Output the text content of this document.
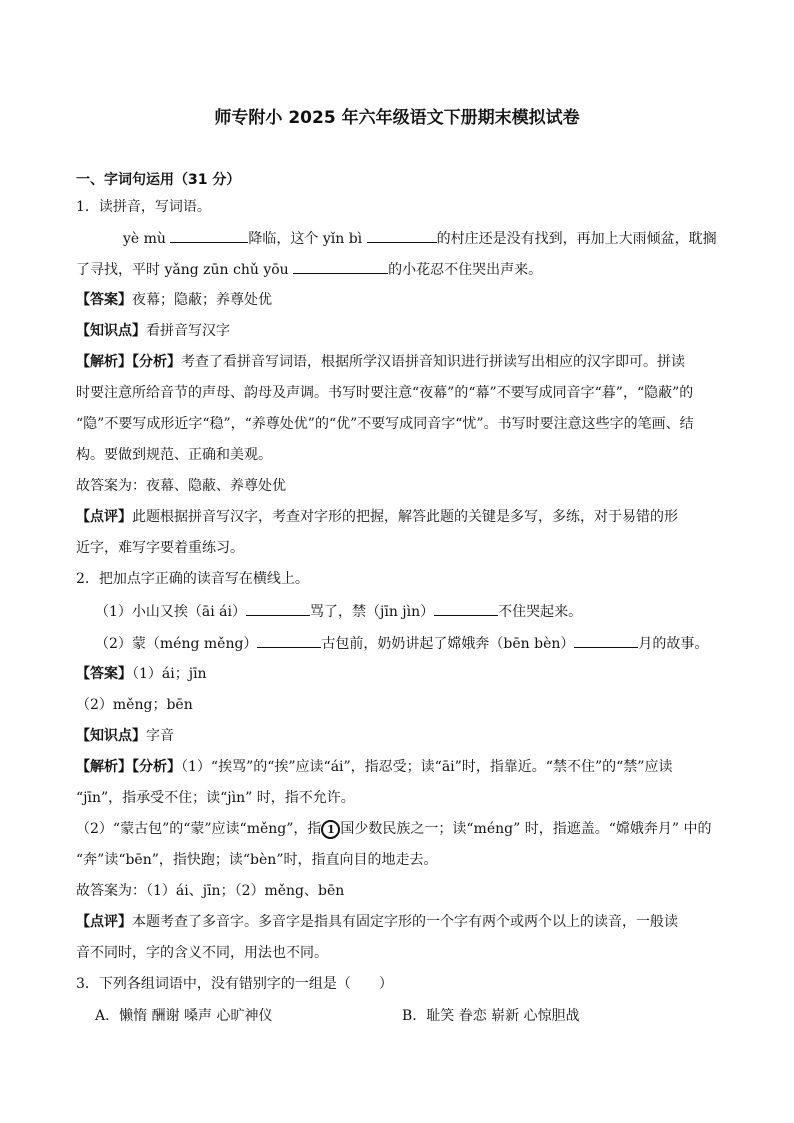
师专附小 2025 年六年级语文下册期末模拟试卷
一、字词句运用（31 分）
1．读拼音，写词语。
yè mù	降临，这个 yǐn bì	的村庄还是没有找到，再加上大雨倾盆，耽搁
了寻找，平时 yǎng zūn chǔ yōu	的小花忍不住哭出声来。
【答案】夜幕；隐蔽；养尊处优
【知识点】看拼音写汉字
【解析】【分析】考查了看拼音写词语，根据所学汉语拼音知识进行拼读写出相应的汉字即可。拼读
时要注意所给音节的声母、韵母及声调。书写时要注意“夜幕”的“幕”不要写成同音字“暮”，“隐蔽”的
“隐”不要写成形近字“稳”，“养尊处优”的“优”不要写成同音字“忧”。书写时要注意这些字的笔画、结
构。要做到规范、正确和美观。
故答案为：夜幕、隐蔽、养尊处优
【点评】此题根据拼音写汉字，考查对字形的把握，解答此题的关键是多写，多练，对于易错的形
近字，难写字要着重练习。
2．把加点字正确的读音写在横线上。
（1）小山又挨（āi ái）	骂了，禁（jīn jìn）	不住哭起来。
（2）蒙（méng měng）	古包前，奶奶讲起了嫦娥奔（bēn bèn）	月的故事。
【答案】（1）ái；jīn
（2）měng；bēn
【知识点】字音
【解析】【分析】（1）“挨骂”的“挨”应读“ái”，指忍受；读“āi”时，指靠近。“禁不住”的“禁”应读
“jīn”，指承受不住；读“jìn” 时，指不允许。
（2）“蒙古包”的“蒙”应读“měng”，指 1 国少数民族之一；读“méng” 时，指遮盖。“嫦娥奔月” 中的
“奔”读“bēn”，指快跑；读“bèn”时，指直向目的地走去。
故答案为：（1）ái、jīn；（2）měng、bēn
【点评】本题考查了多音字。多音字是指具有固定字形的一个字有两个或两个以上的读音，一般读
音不同时，字的含义不同，用法也不同。
3．下列各组词语中，没有错别字的一组是（　　）
A．懒惰 酬谢 嗓声 心旷神仪	B．耻笑 眷恋 崭新 心惊胆战
